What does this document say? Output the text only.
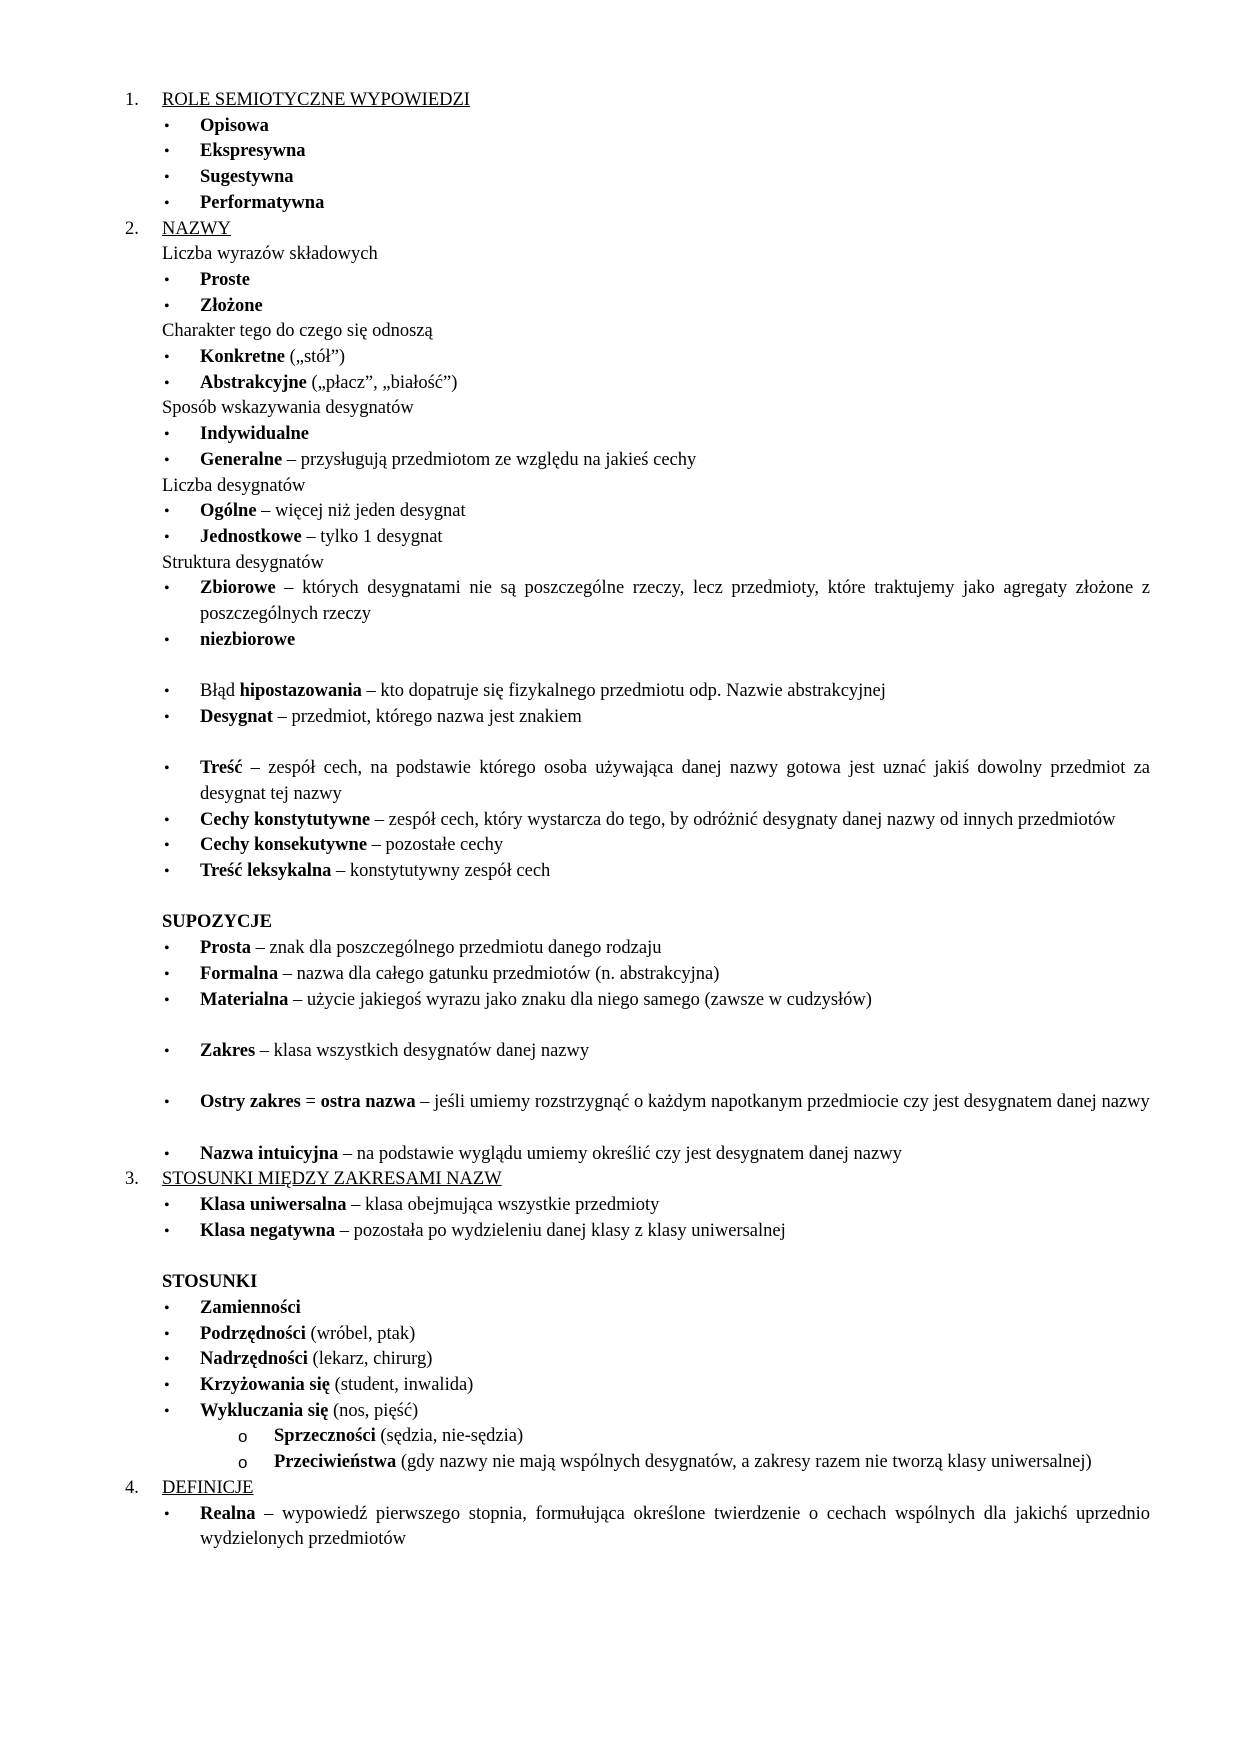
1. ROLE SEMIOTYCZNE WYPOWIEDZI
•	Opisowa
•	Ekspresywna
•	Sugestywna
•	Performatywna
2. NAZWY
Liczba wyrazów składowych
•	Proste
•	Złożone
Charakter tego do czego się odnoszą
•	Konkretne („stół”)
•	Abstrakcyjne („płacz”, „białość”)
Sposób wskazywania desygnatów
•	Indywidualne
•	Generalne – przysługują przedmiotom ze względu na jakieś cechy
Liczba desygnatów
•	Ogólne – więcej niż jeden desygnat
•	Jednostkowe – tylko 1 desygnat
Struktura desygnatów
•	Zbiorowe – których desygnatami nie są poszczególne rzeczy, lecz przedmioty, które traktujemy jako agregaty złożone z poszczególnych rzeczy
•	niezbiorowe
•	Błąd hipostazowania – kto dopatruje się fizykalnego przedmiotu odp. Nazwie abstrakcyjnej
•	Desygnat – przedmiot, którego nazwa jest znakiem
•	Treść – zespół cech, na podstawie którego osoba używająca danej nazwy gotowa jest uznać jakiś dowolny przedmiot za desygnat tej nazwy
•	Cechy konstytutywne – zespół cech, który wystarcza do tego, by odróżnić desygnaty danej nazwy od innych przedmiotów
•	Cechy konsekutywne – pozostałe cechy
•	Treść leksykalna – konstytutywny zespół cech
SUPOZYCJE
•	Prosta – znak dla poszczególnego przedmiotu danego rodzaju
•	Formalna – nazwa dla całego gatunku przedmiotów (n. abstrakcyjna)
•	Materialna – użycie jakiegoś wyrazu jako znaku dla niego samego (zawsze w cudzysłów)
•	Zakres – klasa wszystkich desygnatów danej nazwy
•	Ostry zakres = ostra nazwa – jeśli umiemy rozstrzygnąć o każdym napotkanym przedmiocie czy jest desygnatem danej nazwy
•	Nazwa intuicyjna – na podstawie wyglądu umiemy określić czy jest desygnatem danej nazwy
3. STOSUNKI MIĘDZY ZAKRESAMI NAZW
•	Klasa uniwersalna – klasa obejmująca wszystkie przedmioty
•	Klasa negatywna – pozostała po wydzieleniu danej klasy z klasy uniwersalnej
STOSUNKI
•	Zamienności
•	Podrzędności (wróbel, ptak)
•	Nadrzędności (lekarz, chirurg)
•	Krzyżowania się (student, inwalida)
•	Wykluczania się (nos, pięść)
o	Sprzeczności (sędzia, nie-sędzia)
o	Przeciwieństwa (gdy nazwy nie mają wspólnych desygnatów, a zakresy razem nie tworzą klasy uniwersalnej)
4. DEFINICJE
•	Realna – wypowiedź pierwszego stopnia, formułująca określone twierdzenie o cechach wspólnych dla jakichś uprzednio wydzielonych przedmiotów
